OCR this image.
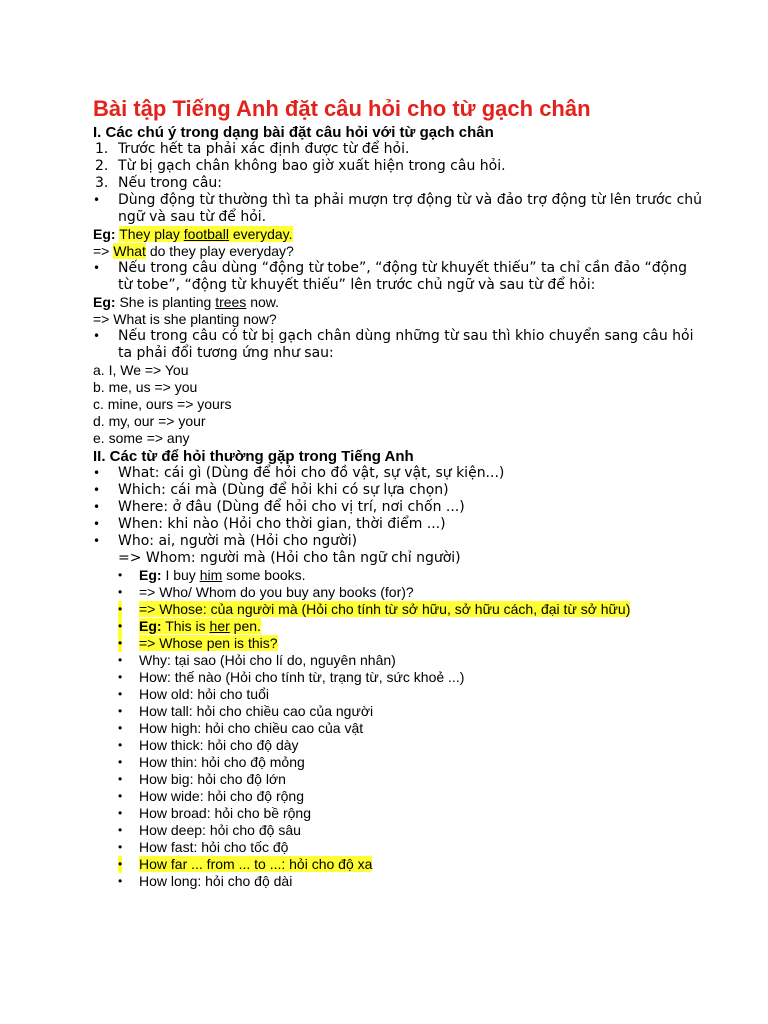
Bài tập Tiếng Anh đặt câu hỏi cho từ gạch chân
I. Các chú ý trong dạng bài đặt câu hỏi với từ gạch chân
1. Trước hết ta phải xác định được từ để hỏi.
2. Từ bị gạch chân không bao giờ xuất hiện trong câu hỏi.
3. Nếu trong câu:
• Dùng động từ thường thì ta phải mượn trợ động từ và đảo trợ động từ lên trước chủ ngữ và sau từ để hỏi.
Eg: They play football everyday.
=> What do they play everyday?
• Nếu trong câu dùng “động từ tobe”, “động từ khuyết thiếu” ta chỉ cần đảo “động từ tobe”, “động từ khuyết thiếu” lên trước chủ ngữ và sau từ để hỏi:
Eg: She is planting trees now.
=> What is she planting now?
• Nếu trong câu có từ bị gạch chân dùng những từ sau thì khio chuyển sang câu hỏi ta phải đổi tương ứng như sau:
a. I, We => You
b. me, us => you
c. mine, ours => yours
d. my, our => your
e. some => any
II. Các từ để hỏi thường gặp trong Tiếng Anh
• What: cái gì (Dùng để hỏi cho đồ vật, sự vật, sự kiện...)
• Which: cái mà (Dùng để hỏi khi có sự lựa chọn)
• Where: ở đâu (Dùng để hỏi cho vị trí, nơi chốn ...)
• When: khi nào (Hỏi cho thời gian, thời điểm ...)
• Who: ai, người mà (Hỏi cho người)
=> Whom: người mà (Hỏi cho tân ngữ chỉ người)
• Eg: I buy him some books.
• => Who/ Whom do you buy any books (for)?
• => Whose: của người mà (Hỏi cho tính từ sở hữu, sở hữu cách, đại từ sở hữu)
• Eg: This is her pen.
• => Whose pen is this?
• Why: tại sao (Hỏi cho lí do, nguyên nhân)
• How: thế nào (Hỏi cho tính từ, trạng từ, sức khoẻ ...)
• How old: hỏi cho tuổi
• How tall: hỏi cho chiều cao của người
• How high: hỏi cho chiều cao của vật
• How thick: hỏi cho độ dày
• How thin: hỏi cho độ mỏng
• How big: hỏi cho độ lớn
• How wide: hỏi cho độ rộng
• How broad: hỏi cho bề rộng
• How deep: hỏi cho độ sâu
• How fast: hỏi cho tốc độ
• How far ... from ... to ...: hỏi cho độ xa
• How long: hỏi cho độ dài
